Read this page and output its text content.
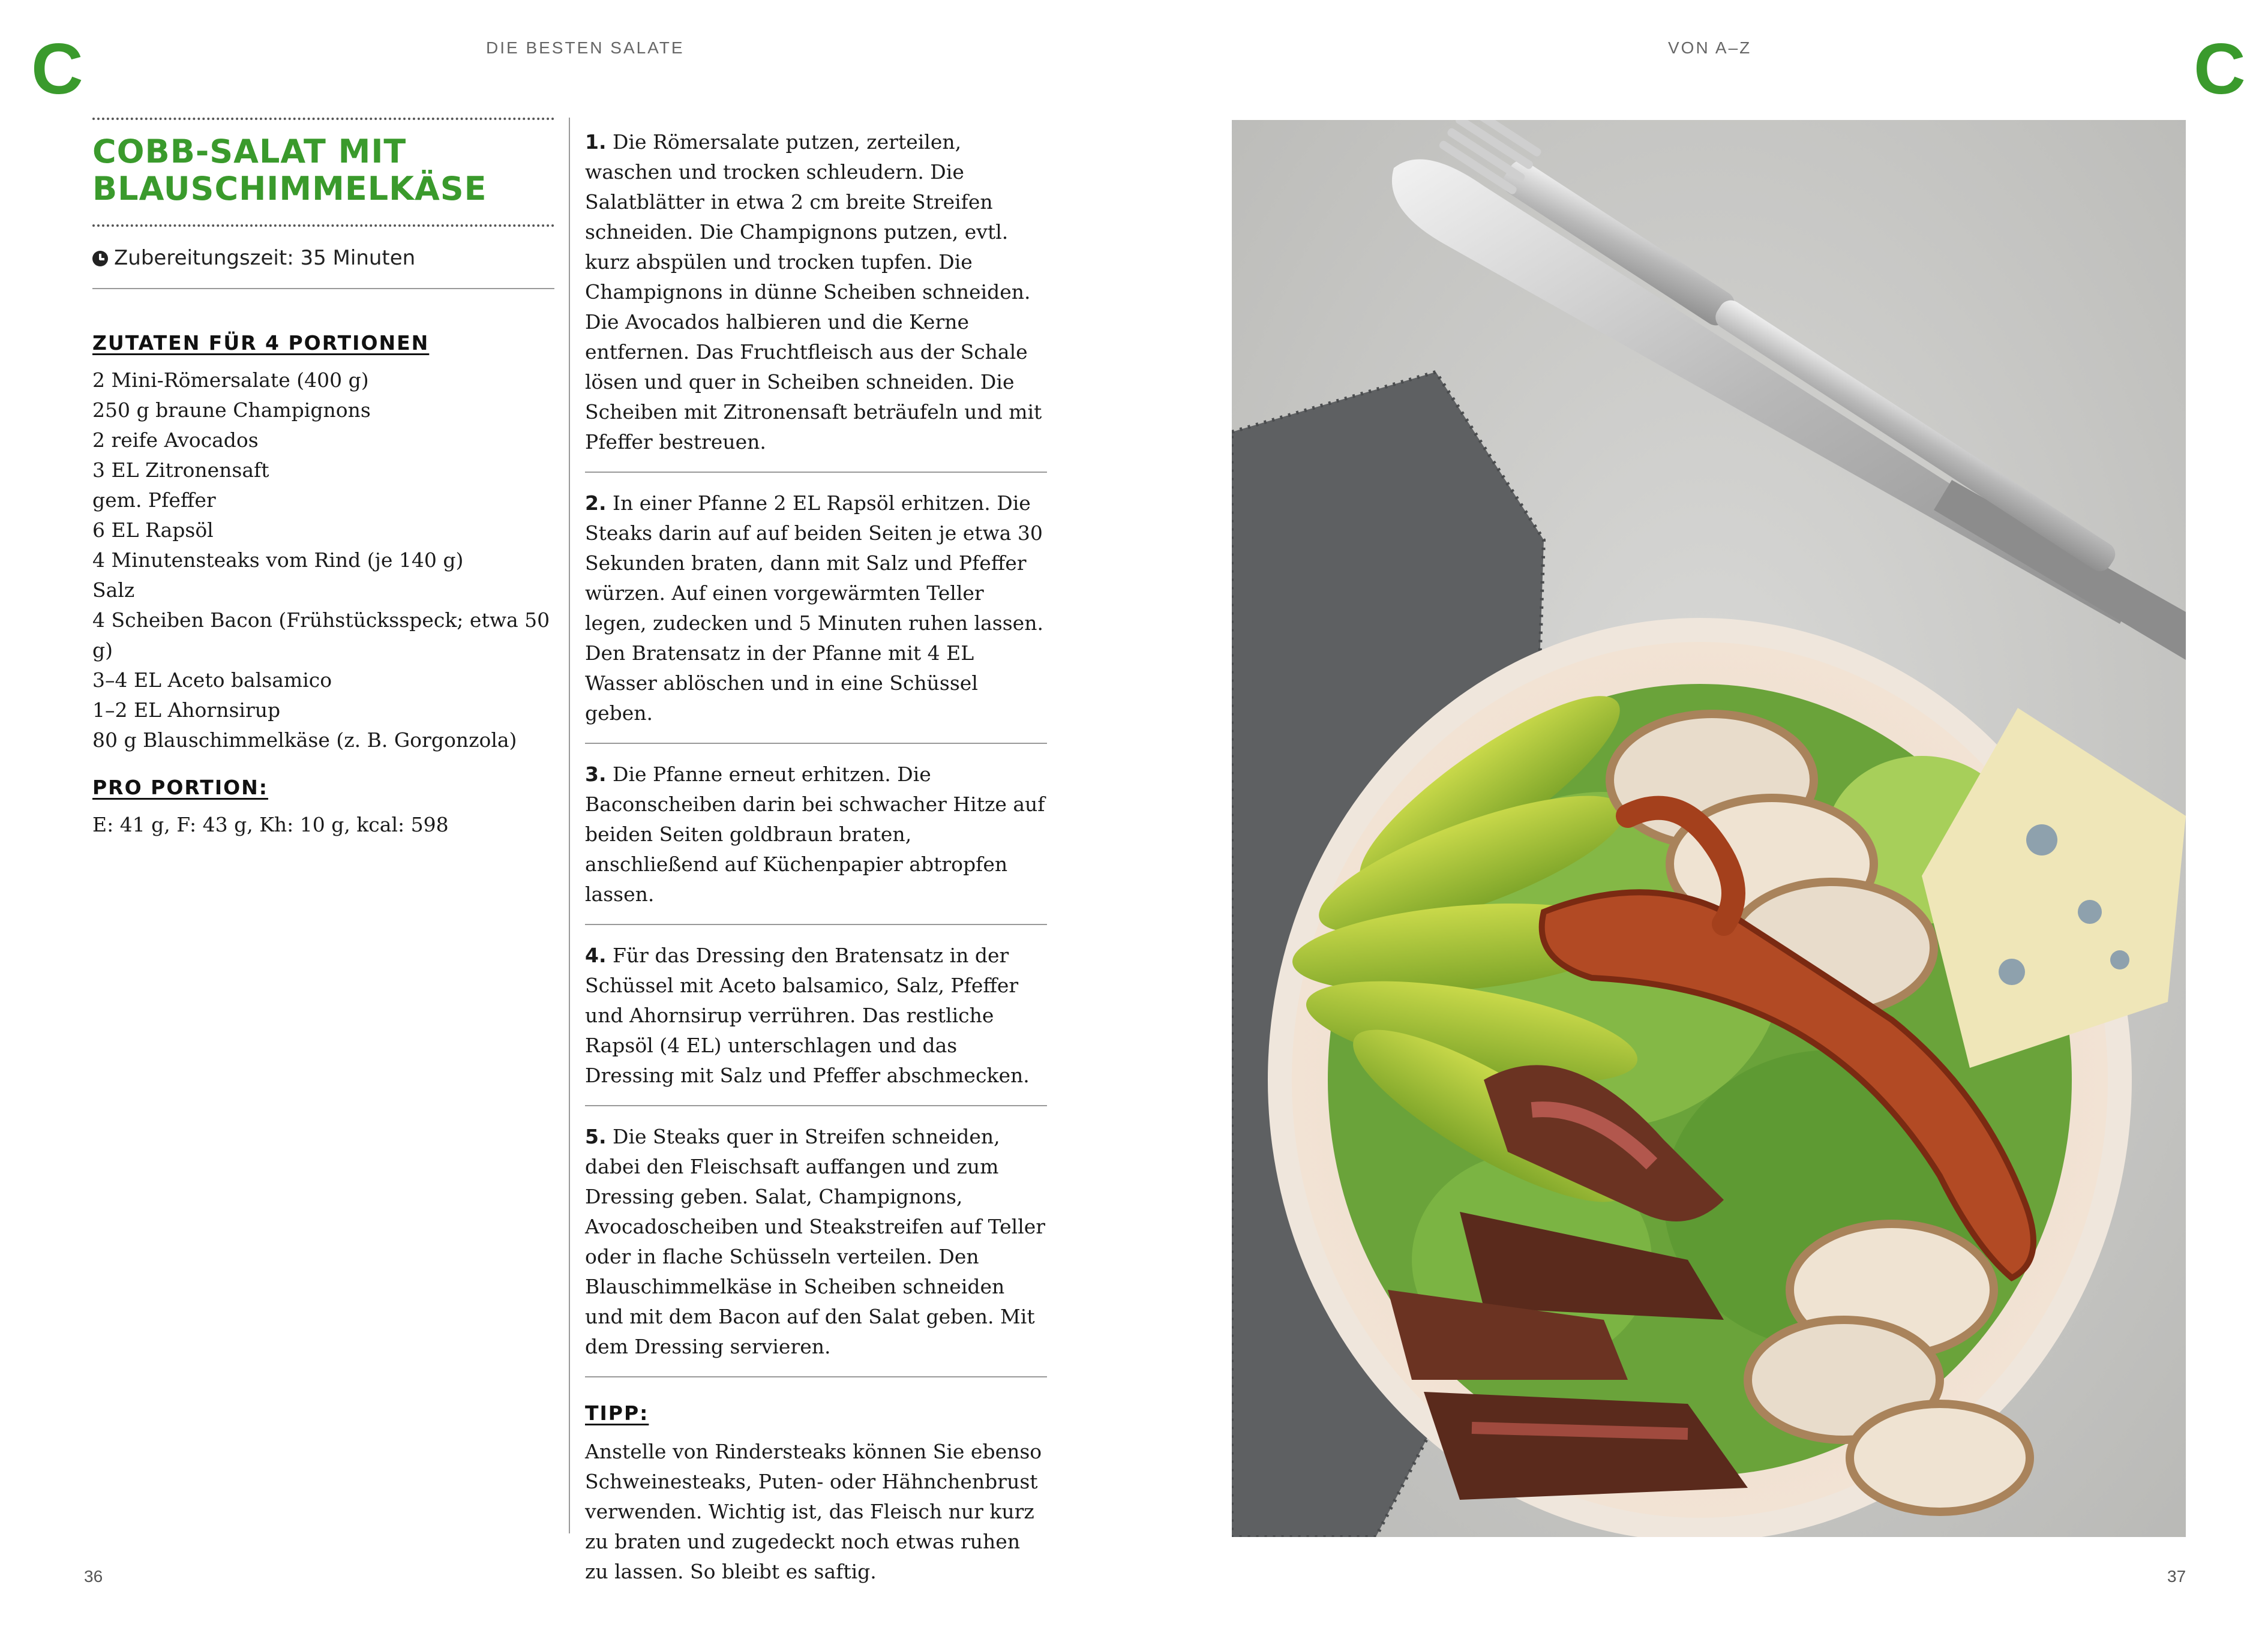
C	DIE BESTEN SALATE	VON A–Z	C
COBB-SALAT MIT
BLAUSCHIMMELKÄSE
Zubereitungszeit: 35 Minuten
ZUTATEN FÜR 4 PORTIONEN
2 Mini-Römersalate (400 g)
250 g braune Champignons
2 reife Avocados
3 EL Zitronensaft
gem. Pfeffer
6 EL Rapsöl
4 Minutensteaks vom Rind (je 140 g)
Salz
4 Scheiben Bacon (Frühstücksspeck; etwa 50 g)
3–4 EL Aceto balsamico
1–2 EL Ahornsirup
80 g Blauschimmelkäse (z. B. Gorgonzola)
PRO PORTION:
E: 41 g, F: 43 g, Kh: 10 g, kcal: 598
1. Die Römersalate putzen, zerteilen, waschen und trocken schleudern. Die Salatblätter in etwa 2 cm breite Streifen schneiden. Die Champignons putzen, evtl. kurz abspülen und trocken tupfen. Die Champignons in dünne Scheiben schneiden. Die Avocados halbieren und die Kerne entfernen. Das Fruchtfleisch aus der Schale lösen und quer in Scheiben schneiden. Die Scheiben mit Zitronensaft beträufeln und mit Pfeffer bestreuen.
2. In einer Pfanne 2 EL Rapsöl erhitzen. Die Steaks darin auf auf beiden Seiten je etwa 30 Sekunden braten, dann mit Salz und Pfeffer würzen. Auf einen vorgewärmten Teller legen, zudecken und 5 Minuten ruhen lassen. Den Bratensatz in der Pfanne mit 4 EL Wasser ablöschen und in eine Schüssel geben.
3. Die Pfanne erneut erhitzen. Die Baconscheiben darin bei schwacher Hitze auf beiden Seiten goldbraun braten, anschließend auf Küchenpapier abtropfen lassen.
4. Für das Dressing den Bratensatz in der Schüssel mit Aceto balsamico, Salz, Pfeffer und Ahornsirup verrühren. Das restliche Rapsöl (4 EL) unterschlagen und das Dressing mit Salz und Pfeffer abschmecken.
5. Die Steaks quer in Streifen schneiden, dabei den Fleischsaft auffangen und zum Dressing geben. Salat, Champignons, Avocadoscheiben und Steakstreifen auf Teller oder in flache Schüsseln verteilen. Den Blauschimmelkäse in Scheiben schneiden und mit dem Bacon auf den Salat geben. Mit dem Dressing servieren.
TIPP:
Anstelle von Rindersteaks können Sie ebenso Schweinesteaks, Puten- oder Hähnchenbrust verwenden. Wichtig ist, das Fleisch nur kurz zu braten und zugedeckt noch etwas ruhen zu lassen. So bleibt es saftig.
36	37
